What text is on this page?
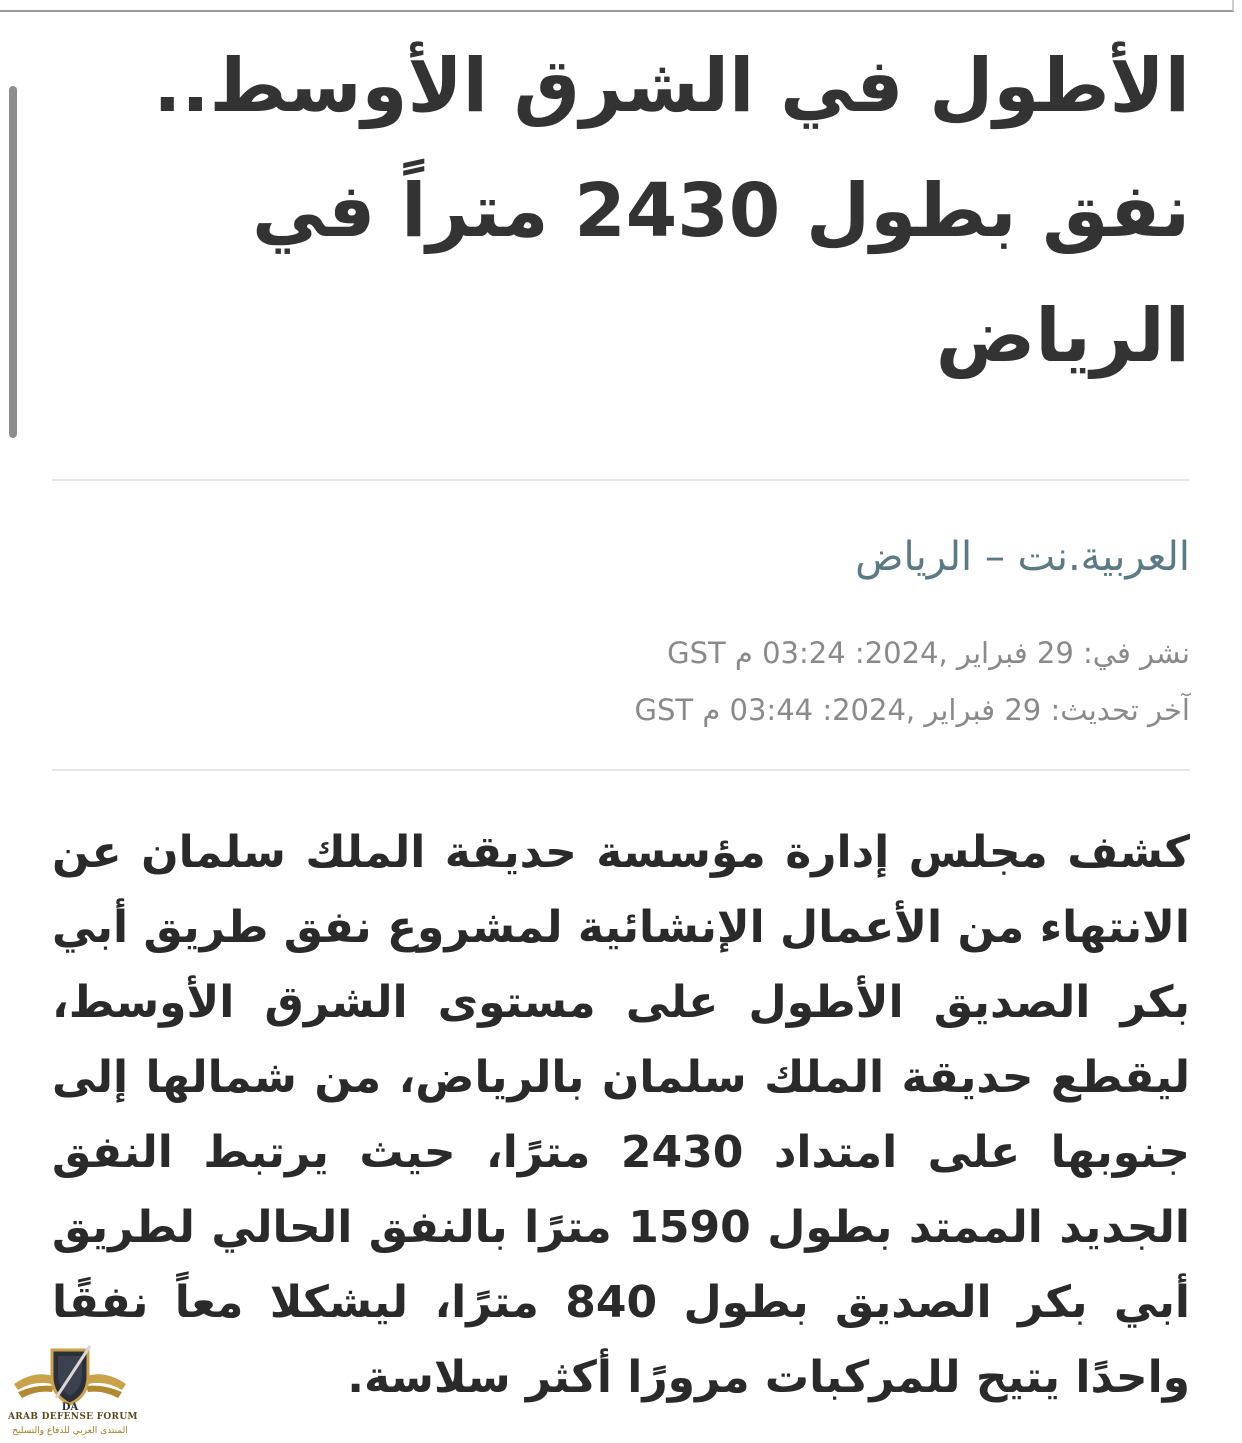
الأطول في الشرق الأوسط..
نفق بطول 2430 متراً في
الرياض
العربية.نت – الرياض
نشر في: 29 فبراير ,2024: 03:24 م GST
آخر تحديث: 29 فبراير ,2024: 03:44 م GST

كشف مجلس إدارة مؤسسة حديقة الملك سلمان عن الانتهاء من الأعمال الإنشائية لمشروع نفق طريق أبي بكر الصديق الأطول على مستوى الشرق الأوسط، ليقطع حديقة الملك سلمان بالرياض، من شمالها إلى جنوبها على امتداد 2430 مترًا، حيث يرتبط النفق الجديد الممتد بطول 1590 مترًا بالنفق الحالي لطريق أبي بكر الصديق بطول 840 مترًا، ليشكلا معاً نفقًا واحدًا يتيح للمركبات مرورًا أكثر سلاسة.

DA
ARAB DEFENSE FORUM
المنتدى العربي للدفاع والتسليح
